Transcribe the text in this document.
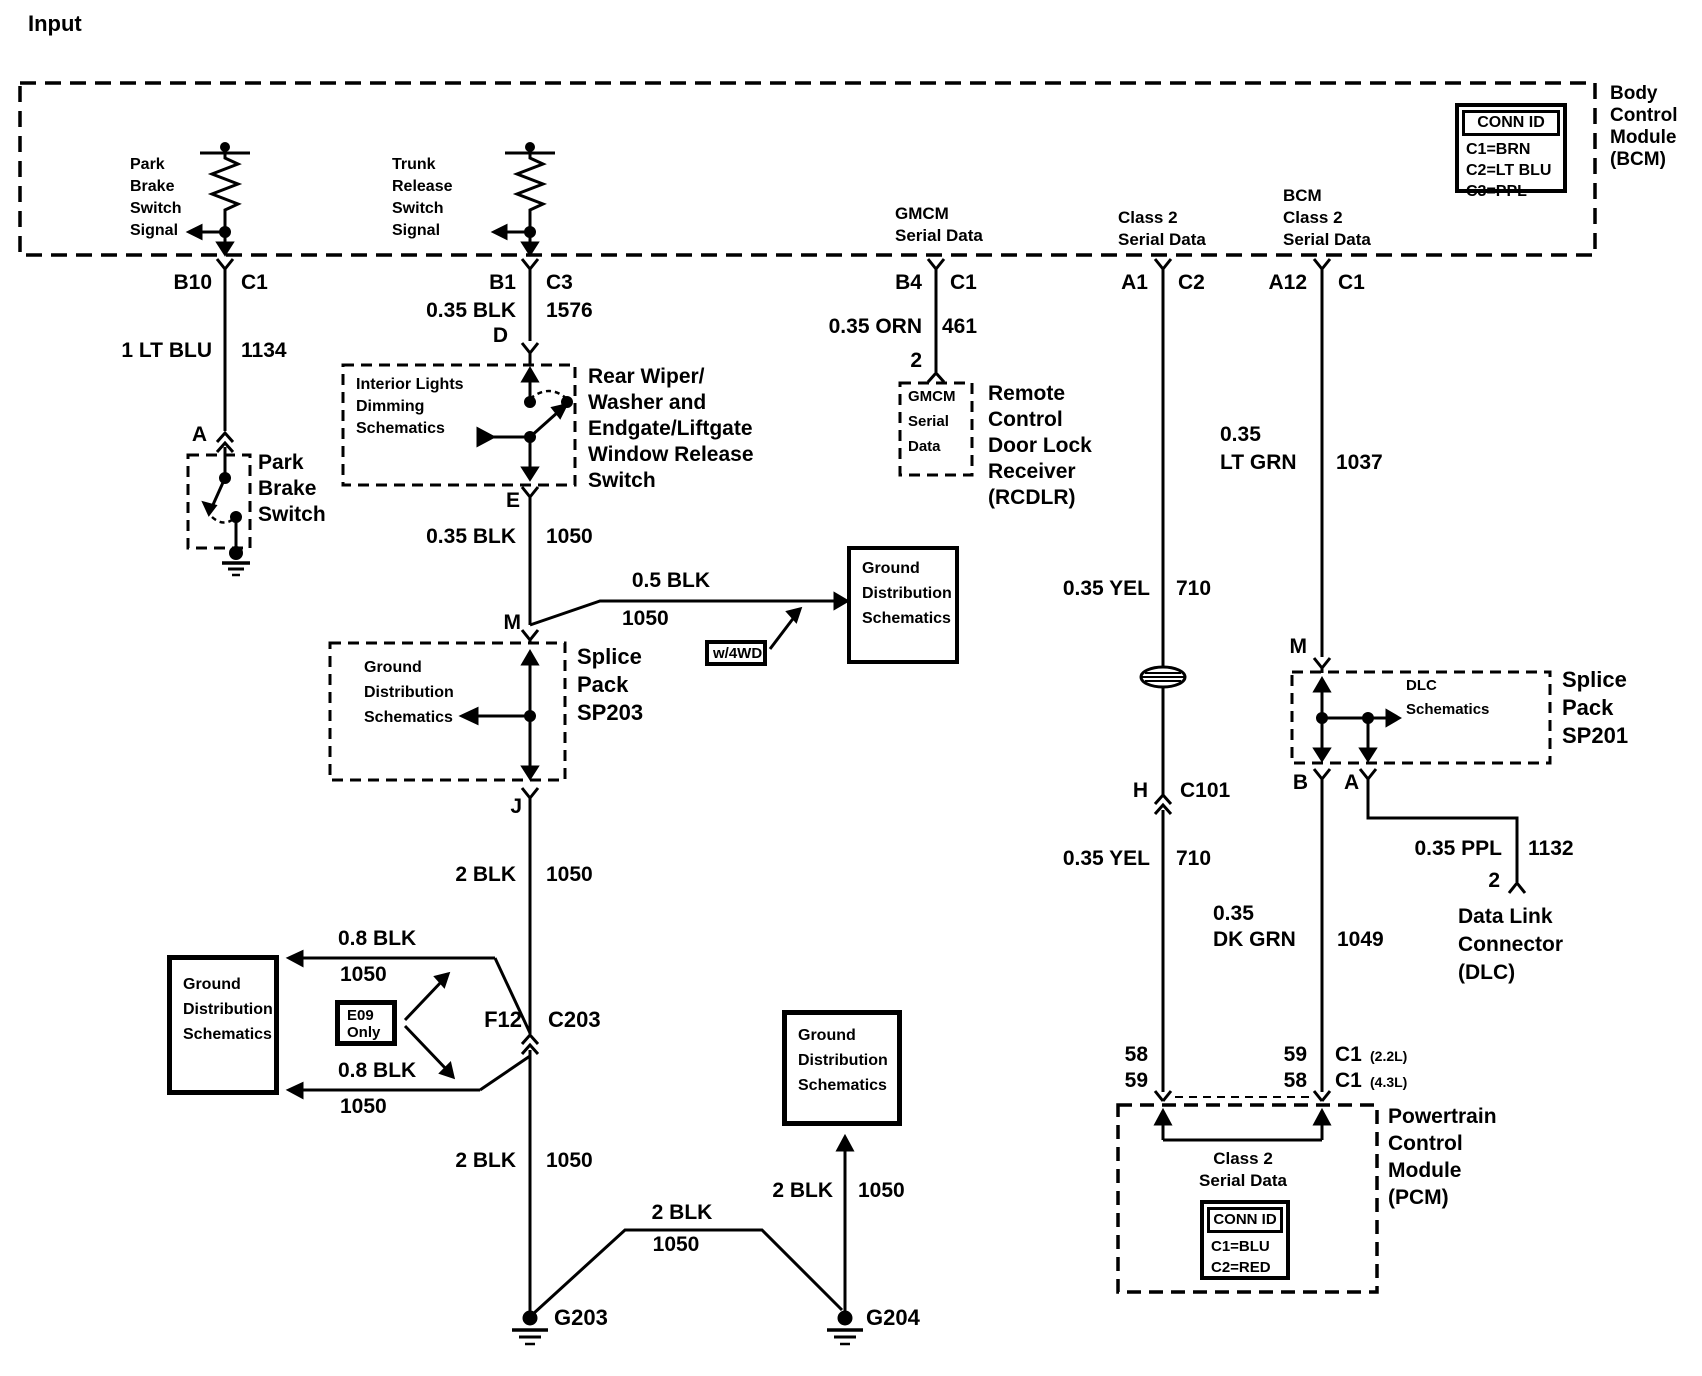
CONN ID
C1=BRN
C2=LT BLU
C3=PPL
Ground
Distribution
Schematics
Ground
Distribution
Schematics	Ground
Distribution
Schematics
E09
Only
w/4WD
CONN ID
C1=BLU
C2=RED
Input
Body
Control
Module
(BCM)
Park
Brake
Switch
Signal
Trunk
Release
Switch
Signal
GMCM
Serial Data
Class 2
Serial Data
BCM
Class 2
Serial Data
B10 C1	B1 C3	B4 C1	A1 C2	A12 C1
1 LT BLU 1134
A
Park
Brake
Switch
0.35 BLK 1576
D
Rear Wiper/
Washer and
Endgate/Liftgate
Window Release
Switch
Interior Lights
Dimming
Schematics
E
0.35 BLK 1050
0.5 BLK
1050
M
Ground
Distribution
Schematics
Splice
Pack
SP203
J
2 BLK 1050
0.8 BLK
1050
F12 C203
0.8 BLK
1050
2 BLK 1050
G203
2 BLK
1050
2 BLK 1050
G204
0.35 ORN 461
2
GMCM
Serial
Data
Remote
Control
Door Lock
Receiver
(RCDLR)
0.35 YEL 710
H C101
0.35 YEL 710
0.35
LT GRN 1037
M
DLC
Schematics
Splice
Pack
SP201
B A
0.35 PPL 1132
2
Data Link
Connector
(DLC)
0.35
DK GRN 1049
58
59
59
58
C1 (2.2L)
C1 (4.3L)
Class 2
Serial Data
Powertrain
Control
Module
(PCM)
